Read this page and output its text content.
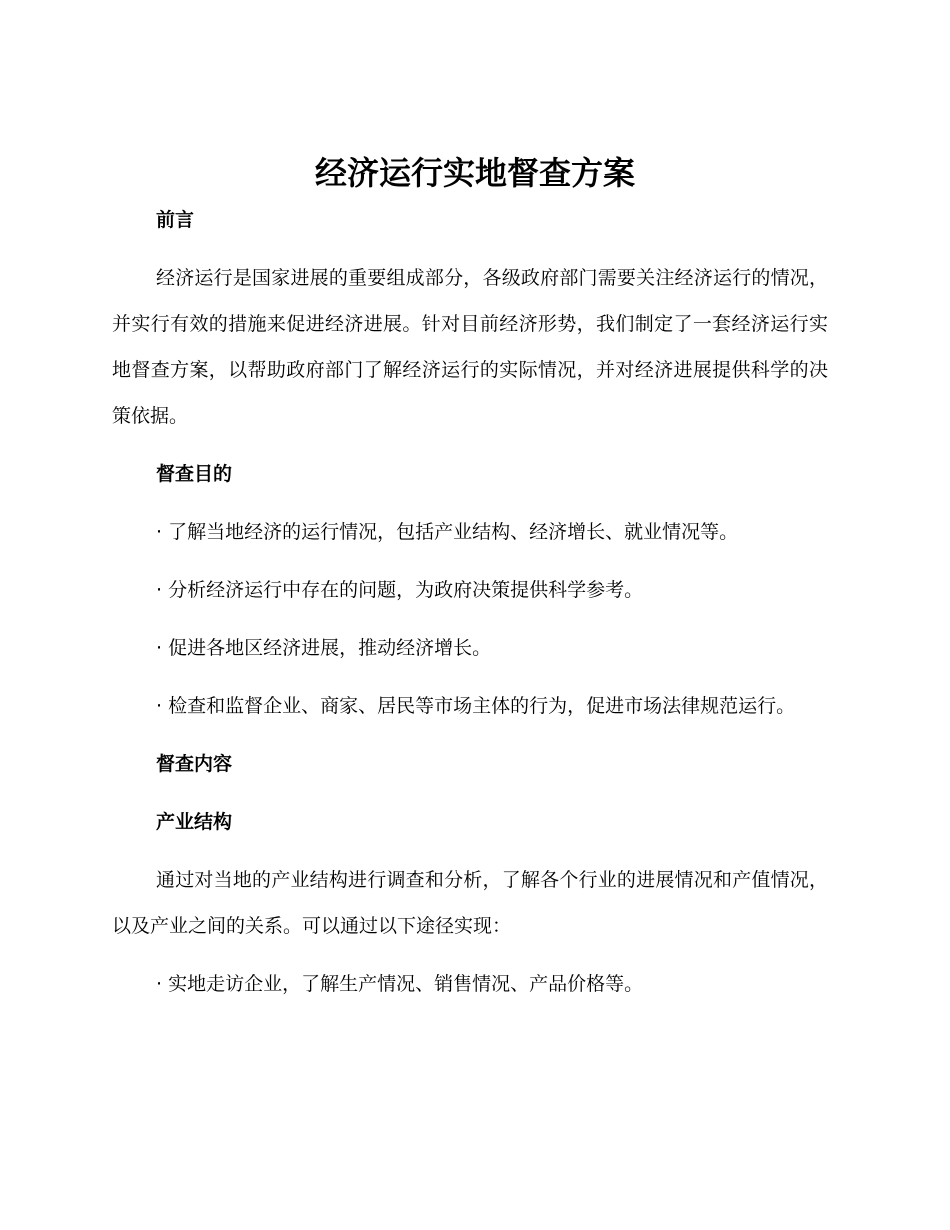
经济运行实地督查方案

前言

经济运行是国家进展的重要组成部分，各级政府部门需要关注经济运行的情况，并实行有效的措施来促进经济进展。针对目前经济形势，我们制定了一套经济运行实地督查方案，以帮助政府部门了解经济运行的实际情况，并对经济进展提供科学的决策依据。

督查目的

· 了解当地经济的运行情况，包括产业结构、经济增长、就业情况等。

· 分析经济运行中存在的问题，为政府决策提供科学参考。

· 促进各地区经济进展，推动经济增长。

· 检查和监督企业、商家、居民等市场主体的行为，促进市场法律规范运行。

督查内容

产业结构

通过对当地的产业结构进行调查和分析，了解各个行业的进展情况和产值情况，以及产业之间的关系。可以通过以下途径实现：

· 实地走访企业，了解生产情况、销售情况、产品价格等。
